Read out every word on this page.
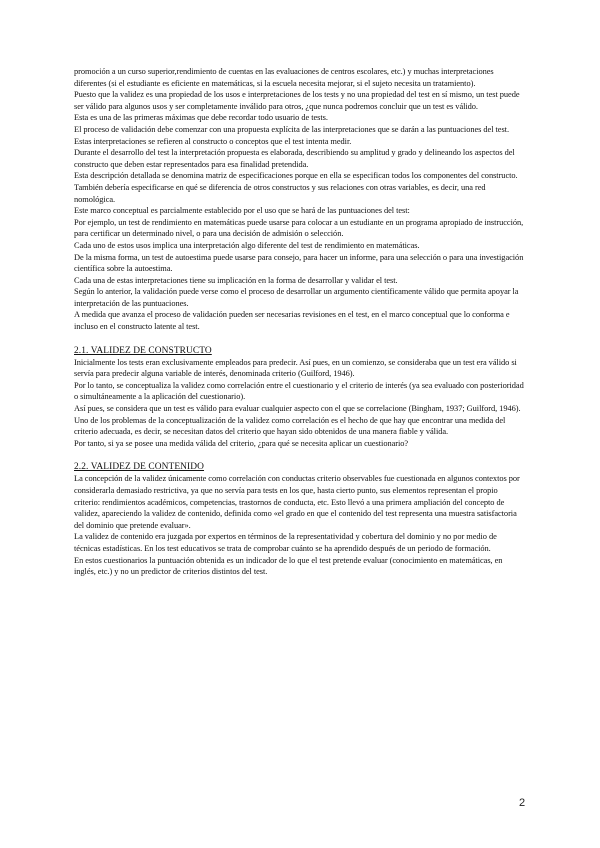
promoción a un curso superior,rendimiento de cuentas en las evaluaciones de centros escolares, etc.) y muchas interpretaciones diferentes (si el estudiante es eficiente en matemáticas, si la escuela necesita mejorar, si el sujeto necesita un tratamiento).

Puesto que la validez es una propiedad de los usos e interpretaciones de los tests y no una propiedad del test en sí mismo, un test puede ser válido para algunos usos y ser completamente inválido para otros, ¿que nunca podremos concluir que un test es válido.

Esta es una de las primeras máximas que debe recordar todo usuario de tests.

El proceso de validación debe comenzar con una propuesta explícita de las interpretaciones que se darán a las puntuaciones del test. Estas interpretaciones se refieren al constructo o conceptos que el test intenta medir.

Durante el desarrollo del test la interpretación propuesta es elaborada, describiendo su amplitud y grado y delineando los aspectos del constructo que deben estar representados para esa finalidad pretendida.

Esta descripción detallada se denomina matriz de especificaciones porque en ella se especifican todos los componentes del constructo. También debería especificarse en qué se diferencia de otros constructos y sus relaciones con otras variables, es decir, una red nomológica.

Este marco conceptual es parcialmente establecido por el uso que se hará de las puntuaciones del test:

Por ejemplo, un test de rendimiento en matemáticas puede usarse para colocar a un estudiante en un programa apropiado de instrucción, para certificar un determinado nivel, o para una decisión de admisión o selección.

Cada uno de estos usos implica una interpretación algo diferente del test de rendimiento en matemáticas.

De la misma forma, un test de autoestima puede usarse para consejo, para hacer un informe, para una selección o para una investigación científica sobre la autoestima.

Cada una de estas interpretaciones tiene su implicación en la forma de desarrollar y validar el test.

Según lo anterior, la validación puede verse como el proceso de desarrollar un argumento científicamente válido que permita apoyar la interpretación de las puntuaciones.

A medida que avanza el proceso de validación pueden ser necesarias revisiones en el test, en el marco conceptual que lo conforma e incluso en el constructo latente al test.

2.1. VALIDEZ DE CONSTRUCTO

Inicialmente los tests eran exclusivamente empleados para predecir. Así pues, en un comienzo, se consideraba que un test era válido si servía para predecir alguna variable de interés, denominada criterio (Guilford, 1946).

Por lo tanto, se conceptualiza la validez como correlación entre el cuestionario y el criterio de interés (ya sea evaluado con posterioridad o simultáneamente a la aplicación del cuestionario).

Así pues, se considera que un test es válido para evaluar cualquier aspecto con el que se correlacione (Bingham, 1937; Guilford, 1946).

Uno de los problemas de la conceptualización de la validez como correlación es el hecho de que hay que encontrar una medida del criterio adecuada, es decir, se necesitan datos del criterio que hayan sido obtenidos de una manera fiable y válida.

Por tanto, si ya se posee una medida válida del criterio, ¿para qué se necesita aplicar un cuestionario?

2.2. VALIDEZ DE CONTENIDO

La concepción de la validez únicamente como correlación con conductas criterio observables fue cuestionada en algunos contextos por considerarla demasiado restrictiva, ya que no servía para tests en los que, hasta cierto punto, sus elementos representan el propio criterio: rendimientos académicos, competencias, trastornos de conducta, etc. Esto llevó a una primera ampliación del concepto de validez, apareciendo la validez de contenido, definida como «el grado en que el contenido del test representa una muestra satisfactoria del dominio que pretende evaluar».

La validez de contenido era juzgada por expertos en términos de la representatividad y cobertura del dominio y no por medio de técnicas estadísticas. En los test educativos se trata de comprobar cuánto se ha aprendido después de un periodo de formación.

En estos cuestionarios la puntuación obtenida es un indicador de lo que el test pretende evaluar (conocimiento en matemáticas, en inglés, etc.) y no un predictor de criterios distintos del test.

2
